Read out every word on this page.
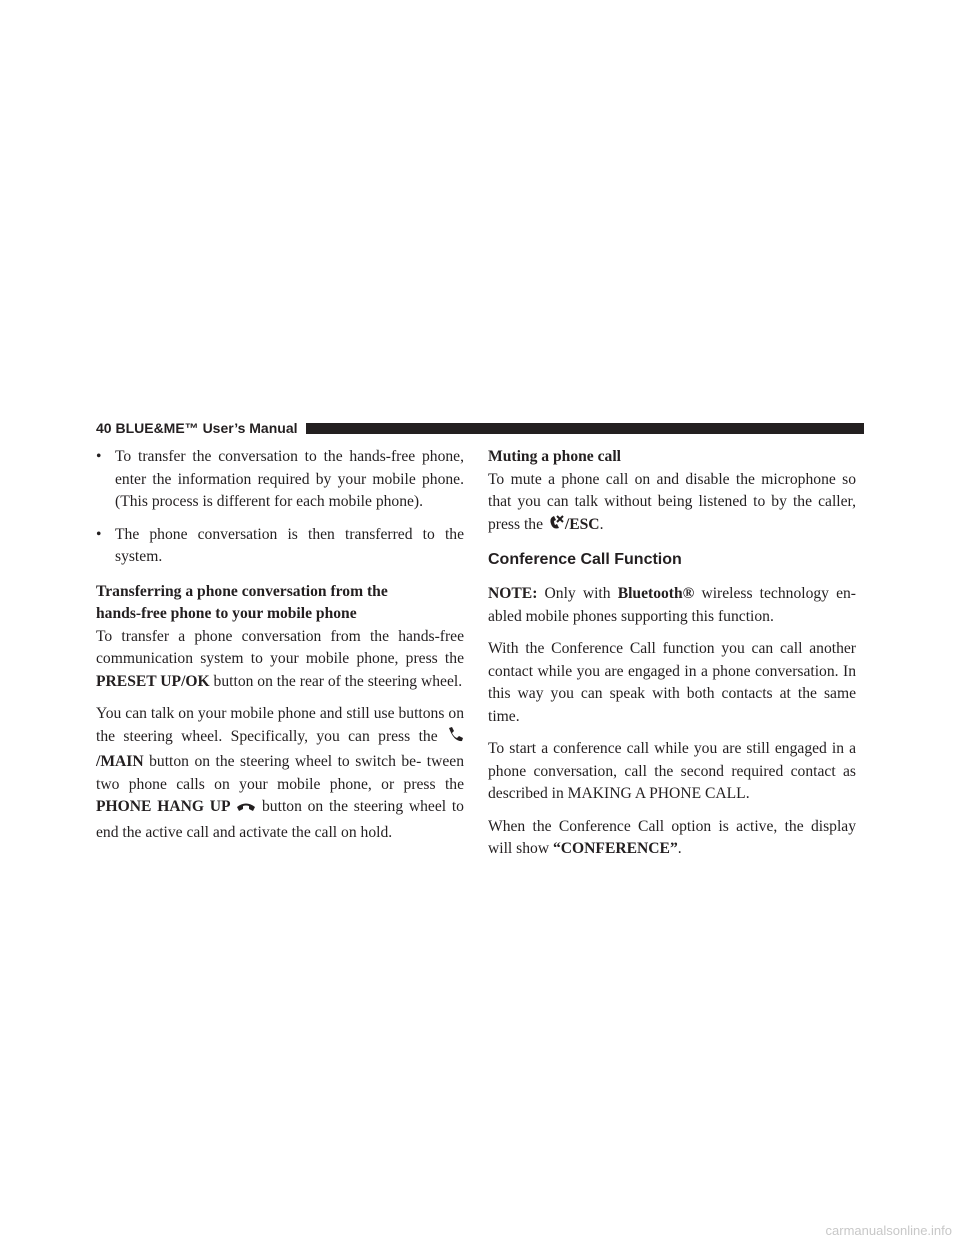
40 BLUE&ME™ User’s Manual
• To transfer the conversation to the hands-free phone, enter the information required by your mobile phone. (This process is different for each mobile phone).
• The phone conversation is then transferred to the system.
Transferring a phone conversation from the
hands-free phone to your mobile phone

To transfer a phone conversation from the hands-free communication system to your mobile phone, press the PRESET UP/OK button on the rear of the steering wheel.

You can talk on your mobile phone and still use buttons on the steering wheel. Specifically, you can press the /MAIN button on the steering wheel to switch be- tween two phone calls on your mobile phone, or press the PHONE HANG UP  button on the steering wheel to end the active call and activate the call on hold.

Muting a phone call

To mute a phone call on and disable the microphone so that you can talk without being listened to by the caller, press the /ESC.

Conference Call Function

NOTE: Only with Bluetooth® wireless technology en- abled mobile phones supporting this function.

With the Conference Call function you can call another contact while you are engaged in a phone conversation. In this way you can speak with both contacts at the same time.

To start a conference call while you are still engaged in a phone conversation, call the second required contact as described in MAKING A PHONE CALL.

When the Conference Call option is active, the display will show “CONFERENCE”.

carmanualsonline.info
